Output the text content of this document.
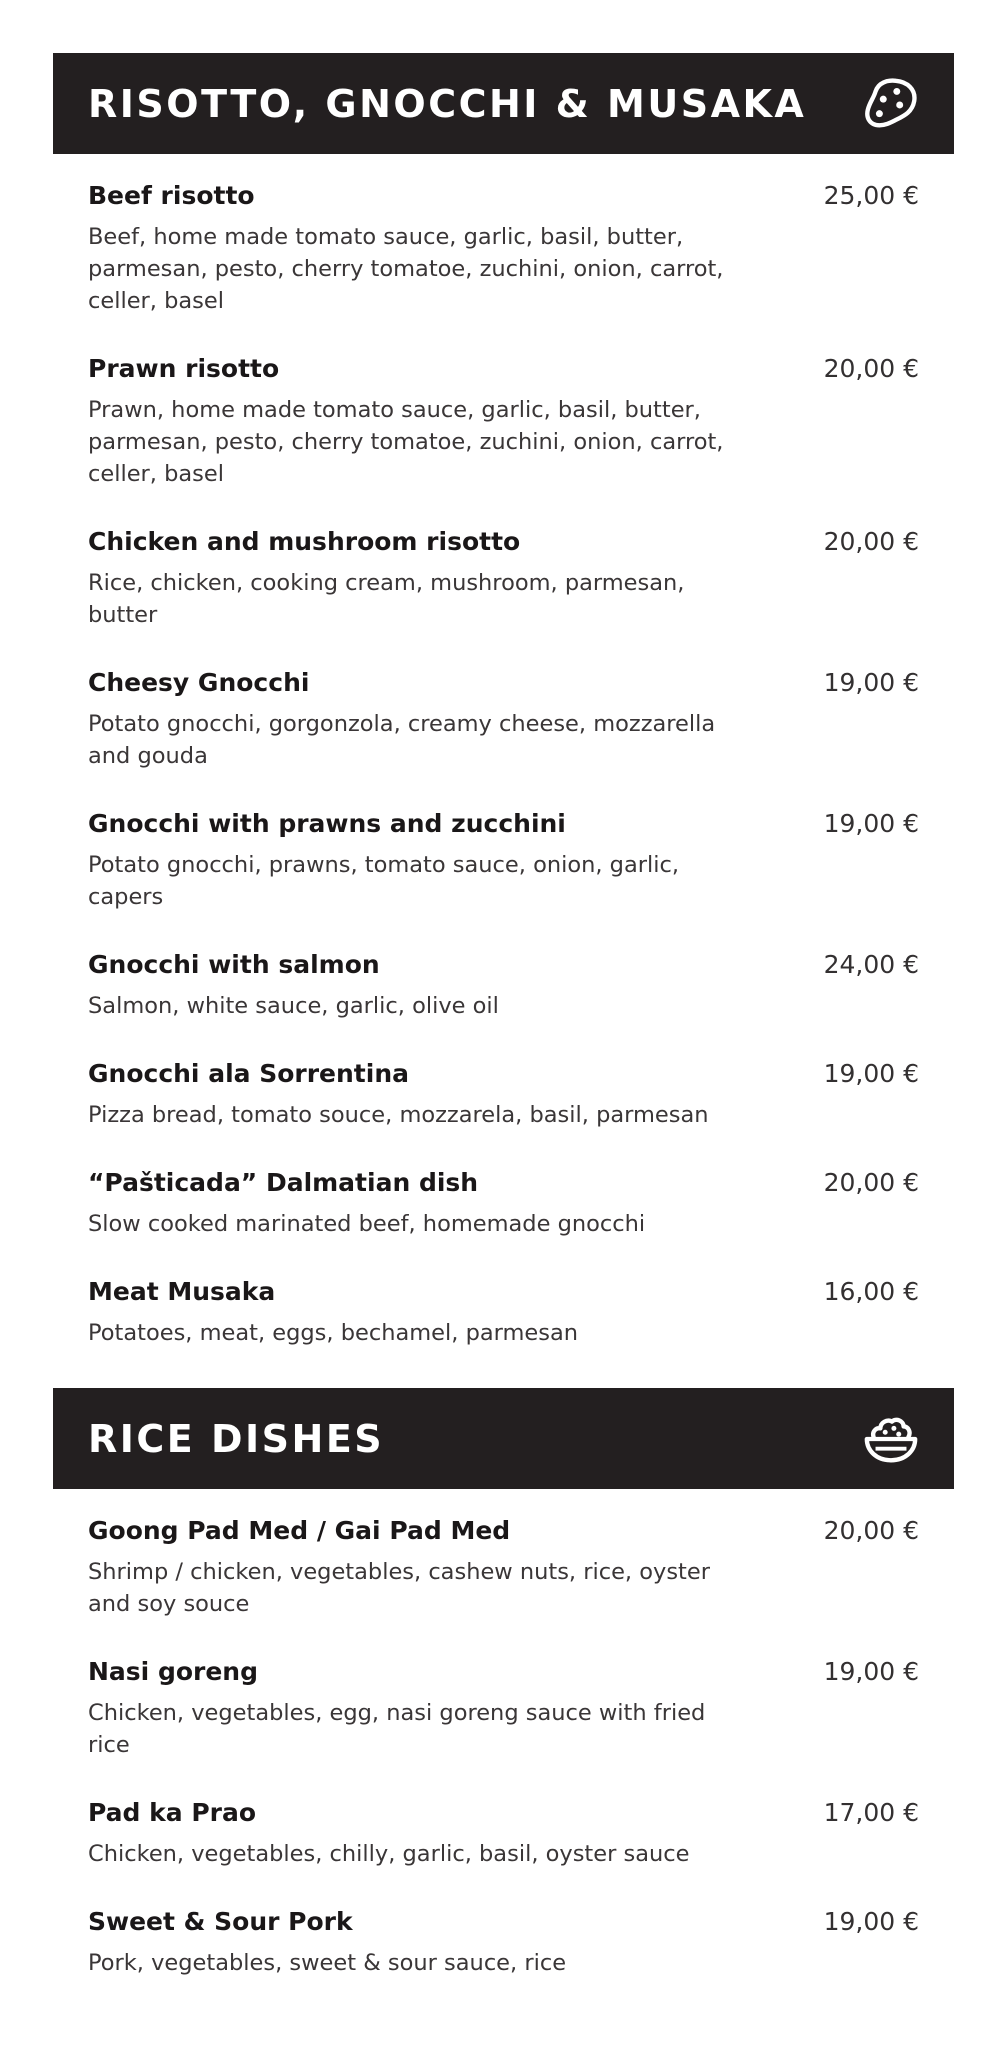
RISOTTO, GNOCCHI & MUSAKA
Beef risotto	25,00 €
Beef, home made tomato sauce, garlic, basil, butter, parmesan, pesto, cherry tomatoe, zuchini, onion, carrot, celler, basel
Prawn risotto	20,00 €
Prawn, home made tomato sauce, garlic, basil, butter, parmesan, pesto, cherry tomatoe, zuchini, onion, carrot, celler, basel
Chicken and mushroom risotto	20,00 €
Rice, chicken, cooking cream, mushroom, parmesan, butter
Cheesy Gnocchi	19,00 €
Potato gnocchi, gorgonzola, creamy cheese, mozzarella and gouda
Gnocchi with prawns and zucchini	19,00 €
Potato gnocchi, prawns, tomato sauce, onion, garlic, capers
Gnocchi with salmon	24,00 €
Salmon, white sauce, garlic, olive oil
Gnocchi ala Sorrentina	19,00 €
Pizza bread, tomato souce, mozzarela, basil, parmesan
“Pašticada” Dalmatian dish	20,00 €
Slow cooked marinated beef, homemade gnocchi
Meat Musaka	16,00 €
Potatoes, meat, eggs, bechamel, parmesan
RICE DISHES
Goong Pad Med / Gai Pad Med	20,00 €
Shrimp / chicken, vegetables, cashew nuts, rice, oyster and soy souce
Nasi goreng	19,00 €
Chicken, vegetables, egg, nasi goreng sauce with fried rice
Pad ka Prao	17,00 €
Chicken, vegetables, chilly, garlic, basil, oyster sauce
Sweet & Sour Pork	19,00 €
Pork, vegetables, sweet & sour sauce, rice
